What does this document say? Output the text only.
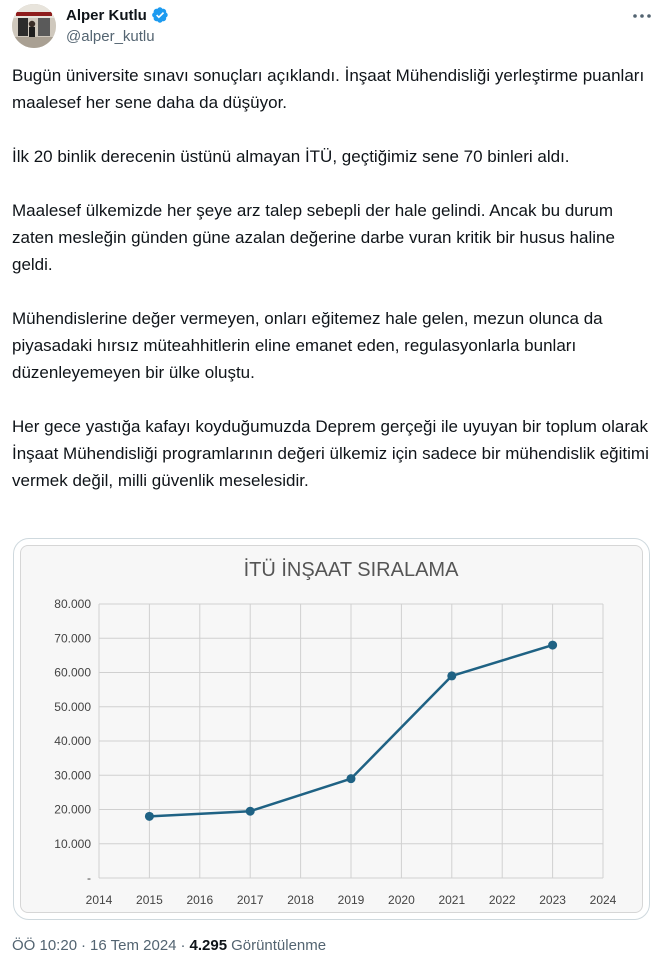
Alper Kutlu
@alper_kutlu

Bugün üniversite sınavı sonuçları açıklandı. İnşaat Mühendisliği yerleştirme puanları maalesef her sene daha da düşüyor.

İlk 20 binlik derecenin üstünü almayan İTÜ, geçtiğimiz sene 70 binleri aldı.

Maalesef ülkemizde her şeye arz talep sebepli der hale gelindi. Ancak bu durum zaten mesleğin günden güne azalan değerine darbe vuran kritik bir husus haline geldi.

Mühendislerine değer vermeyen, onları eğitemez hale gelen, mezun olunca da piyasadaki hırsız müteahhitlerin eline emanet eden, regulasyonlarla bunları düzenleyemeyen bir ülke oluştu.

Her gece yastığa kafayı koyduğumuzda Deprem gerçeği ile uyuyan bir toplum olarak İnşaat Mühendisliği programlarının değeri ülkemiz için sadece bir mühendislik eğitimi vermek değil, milli güvenlik meselesidir.

İTÜ İNŞAAT SIRALAMA
-
10.000
20.000
30.000
40.000
50.000
60.000
70.000
80.000
2014 2015 2016 2017 2018 2019 2020 2021 2022 2023 2024
ÖÖ 10:20 · 16 Tem 2024 · 4.295 Görüntülenme
